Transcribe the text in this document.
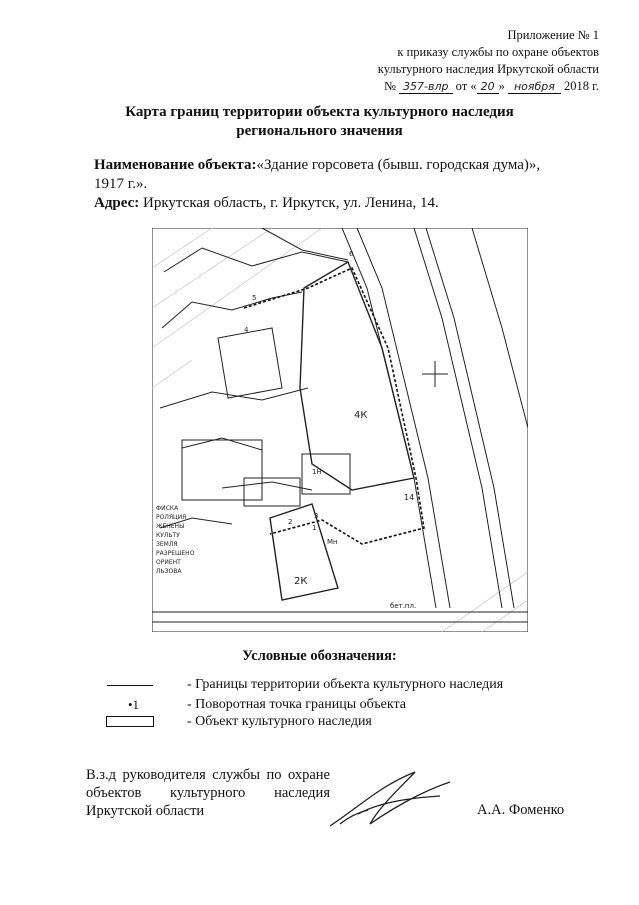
Приложение № 1
к приказу службы по охране объектов
культурного наследия Иркутской области
№ 357-влр от « 20 » ноября 2018 г.
Карта границ территории объекта культурного наследия
регионального значения
Наименование объекта:«Здание горсовета (бывш. городская дума)»,
1917 г.».
Адрес: Иркутская область, г. Иркутск, ул. Ленина, 14.
4К
2К
14
Мн
1Н
1
2
3
4
5
6
бет.пл.
ФИСКА
РОЛЯЦИЯ
ЖЕНЕНЫ
КУЛЬТУ
ЗЕМЛЯ
РАЗРЕШЕНО
ОРИЕНТ
ЛЬЗОВА
Условные обозначения:
- Границы территории объекта культурного наследия
•1	- Поворотная точка границы объекта
- Объект культурного наследия
В.з.д руководителя службы по охране объектов культурного наследия Иркутской области	А.А. Фоменко
